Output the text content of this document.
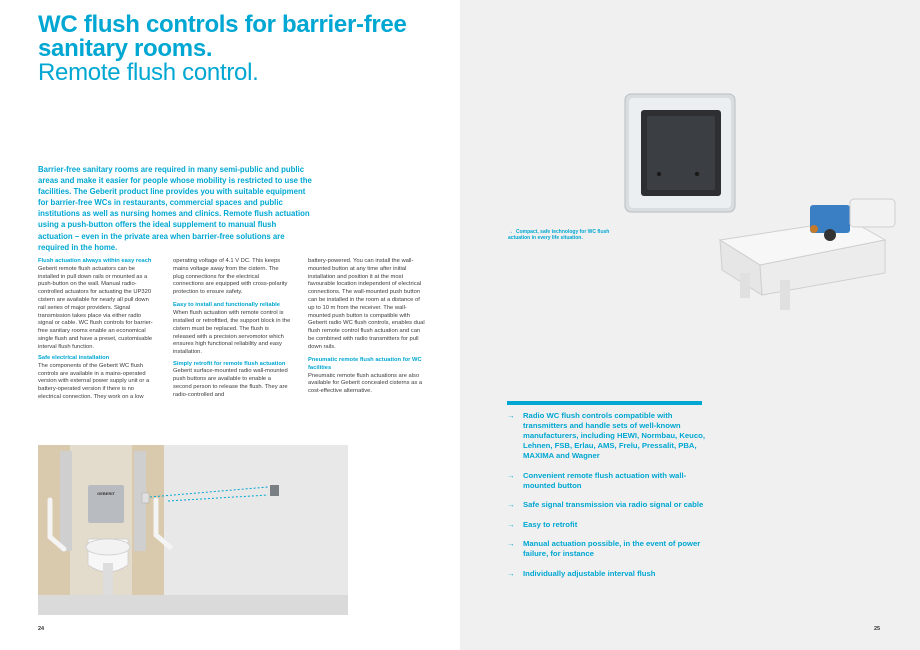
WC flush controls for barrier-free
sanitary rooms.
Remote flush control.

Barrier-free sanitary rooms are required in many semi-public and public areas and make it easier for people whose mobility is restricted to use the facilities. The Geberit product line provides you with suitable equipment for barrier-free WCs in restaurants, commercial spaces and public institutions as well as nursing homes and clinics. Remote flush actuation using a push-button offers the ideal supplement to manual flush actuation – even in the private area when barrier-free solutions are required in the home.

Flush actuation always within easy reach

Geberit remote flush actuators can be installed in pull down rails or mounted as a push-button on the wall. Manual radio-controlled actuators for actuating the UP320 cistern are available for nearly all pull down rail series of major providers. Signal transmission takes place via either radio signal or cable. WC flush controls for barrier-free sanitary rooms enable an economical single flush and have a preset, customisable interval flush function.

Safe electrical installation

The components of the Geberit WC flush controls are available in a mains-operated version with external power supply unit or a battery-operated version if there is no electrical connection. They work on a low

operating voltage of 4.1 V DC. This keeps mains voltage away from the cistern. The plug connections for the electrical connections are equipped with cross-polarity protection to ensure safety.

Easy to install and functionally reliable

When flush actuation with remote control is installed or retrofitted, the support block in the cistern must be replaced. The flush is released with a precision servomotor which ensures high functional reliability and easy installation.

Simply retrofit for remote flush actuation

Geberit surface-mounted radio wall-mounted push buttons are available to enable a second person to release the flush. They are radio-controlled and

battery-powered. You can install the wall-mounted button at any time after initial installation and position it at the most favourable location independent of electrical connections. The wall-mounted push button can be installed in the room at a distance of up to 10 m from the receiver. The wall-mounted push button is compatible with Geberit radio WC flush controls, enables dual flush remote control flush actuation and can be combined with radio transmitters for pull down rails.

Pneumatic remote flush actuation for WC facilities

Pneumatic remote flush actuations are also available for Geberit concealed cisterns as a cost-effective alternative.

GEBERIT
24

→ Compact, safe technology for WC flush actuation in every life situation.

→ Radio WC flush controls compatible with transmitters and handle sets of well-known manufacturers, including HEWI, Normbau, Keuco, Lehnen, FSB, Erlau, AMS, Frelu, Pressalit, PBA, MAXIMA and Wagner
→ Convenient remote flush actuation with wall-mounted button
→ Safe signal transmission via radio signal or cable
→ Easy to retrofit
→ Manual actuation possible, in the event of power failure, for instance
→ Individually adjustable interval flush
25
